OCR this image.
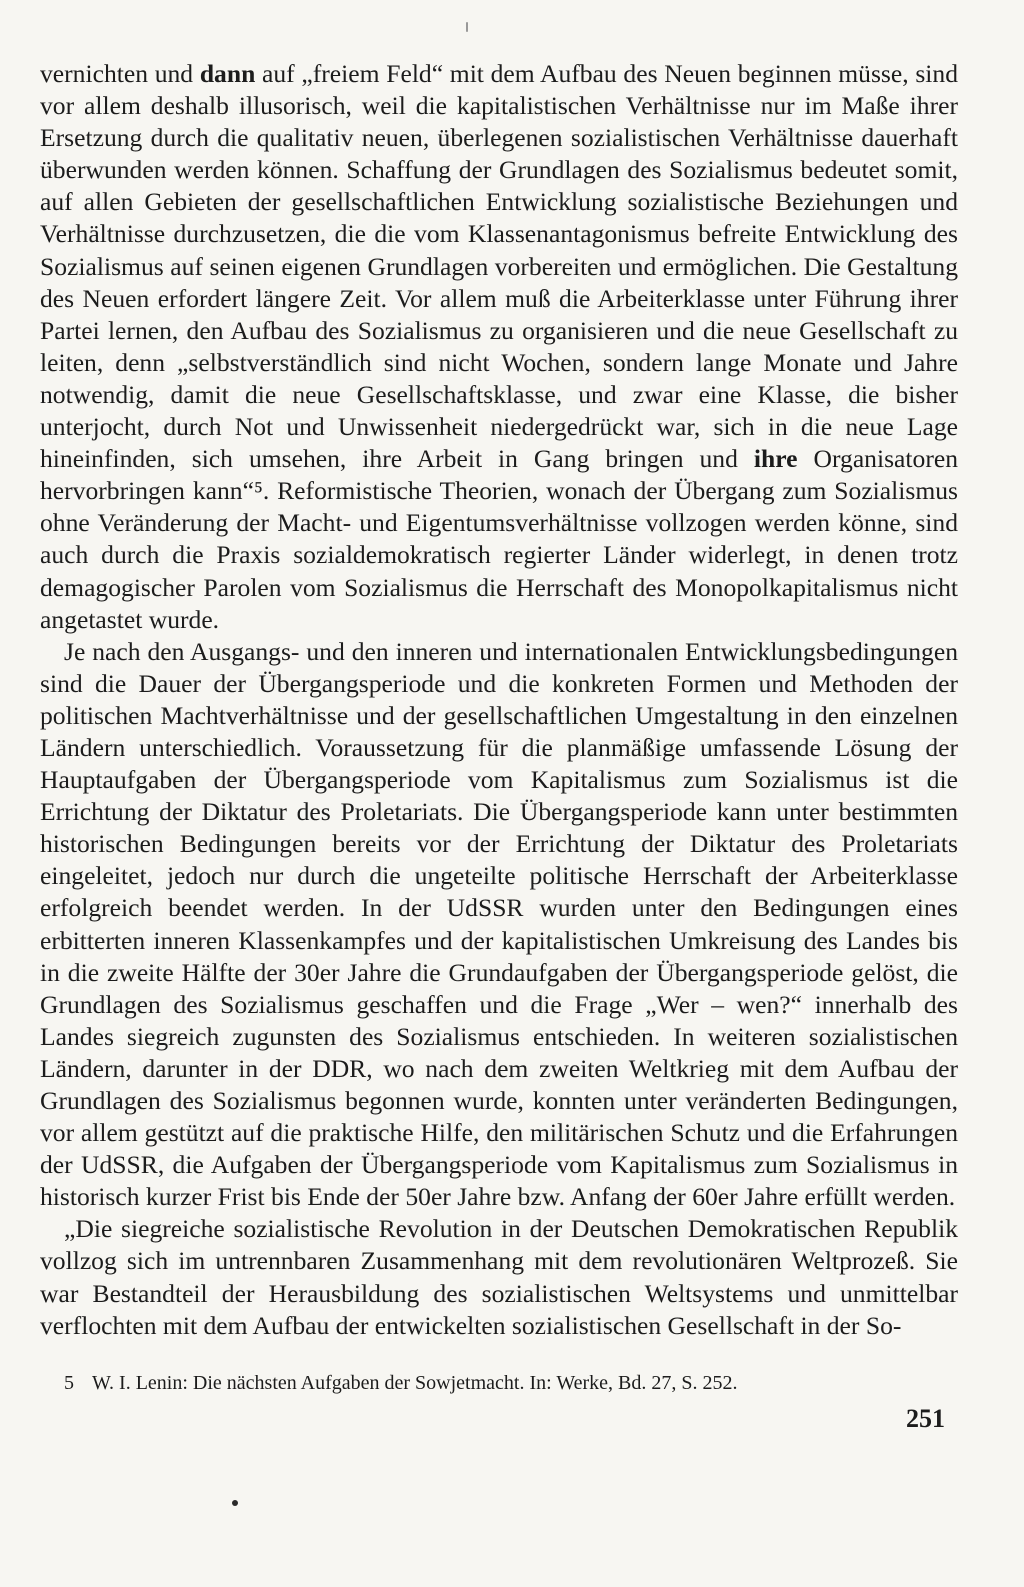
vernichten und dann auf „freiem Feld“ mit dem Aufbau des Neuen beginnen müsse, sind vor allem deshalb illusorisch, weil die kapitalistischen Verhältnisse nur im Maße ihrer Ersetzung durch die qualitativ neuen, überlegenen sozialistischen Verhältnisse dauerhaft überwunden werden können. Schaffung der Grundlagen des Sozialismus bedeutet somit, auf allen Gebieten der gesellschaftlichen Entwicklung sozialistische Beziehungen und Verhältnisse durchzusetzen, die die vom Klassenantagonismus befreite Entwicklung des Sozialismus auf seinen eigenen Grundlagen vorbereiten und ermöglichen. Die Gestaltung des Neuen erfordert längere Zeit. Vor allem muß die Arbeiterklasse unter Führung ihrer Partei lernen, den Aufbau des Sozialismus zu organisieren und die neue Gesellschaft zu leiten, denn „selbstverständlich sind nicht Wochen, sondern lange Monate und Jahre notwendig, damit die neue Gesellschaftsklasse, und zwar eine Klasse, die bisher unterjocht, durch Not und Unwissenheit niedergedrückt war, sich in die neue Lage hineinfinden, sich umsehen, ihre Arbeit in Gang bringen und ihre Organisatoren hervorbringen kann“⁵. Reformistische Theorien, wonach der Übergang zum Sozialismus ohne Veränderung der Macht- und Eigentumsverhältnisse vollzogen werden könne, sind auch durch die Praxis sozialdemokratisch regierter Länder widerlegt, in denen trotz demagogischer Parolen vom Sozialismus die Herrschaft des Monopolkapitalismus nicht angetastet wurde.

Je nach den Ausgangs- und den inneren und internationalen Entwicklungsbedingungen sind die Dauer der Übergangsperiode und die konkreten Formen und Methoden der politischen Machtverhältnisse und der gesellschaftlichen Umgestaltung in den einzelnen Ländern unterschiedlich. Voraussetzung für die planmäßige umfassende Lösung der Hauptaufgaben der Übergangsperiode vom Kapitalismus zum Sozialismus ist die Errichtung der Diktatur des Proletariats. Die Übergangsperiode kann unter bestimmten historischen Bedingungen bereits vor der Errichtung der Diktatur des Proletariats eingeleitet, jedoch nur durch die ungeteilte politische Herrschaft der Arbeiterklasse erfolgreich beendet werden. In der UdSSR wurden unter den Bedingungen eines erbitterten inneren Klassenkampfes und der kapitalistischen Umkreisung des Landes bis in die zweite Hälfte der 30er Jahre die Grundaufgaben der Übergangsperiode gelöst, die Grundlagen des Sozialismus geschaffen und die Frage „Wer – wen?“ innerhalb des Landes siegreich zugunsten des Sozialismus entschieden. In weiteren sozialistischen Ländern, darunter in der DDR, wo nach dem zweiten Weltkrieg mit dem Aufbau der Grundlagen des Sozialismus begonnen wurde, konnten unter veränderten Bedingungen, vor allem gestützt auf die praktische Hilfe, den militärischen Schutz und die Erfahrungen der UdSSR, die Aufgaben der Übergangsperiode vom Kapitalismus zum Sozialismus in historisch kurzer Frist bis Ende der 50er Jahre bzw. Anfang der 60er Jahre erfüllt werden.

„Die siegreiche sozialistische Revolution in der Deutschen Demokratischen Republik vollzog sich im untrennbaren Zusammenhang mit dem revolutionären Weltprozeß. Sie war Bestandteil der Herausbildung des sozialistischen Weltsystems und unmittelbar verflochten mit dem Aufbau der entwickelten sozialistischen Gesellschaft in der So-

5 W. I. Lenin: Die nächsten Aufgaben der Sowjetmacht. In: Werke, Bd. 27, S. 252.
251
